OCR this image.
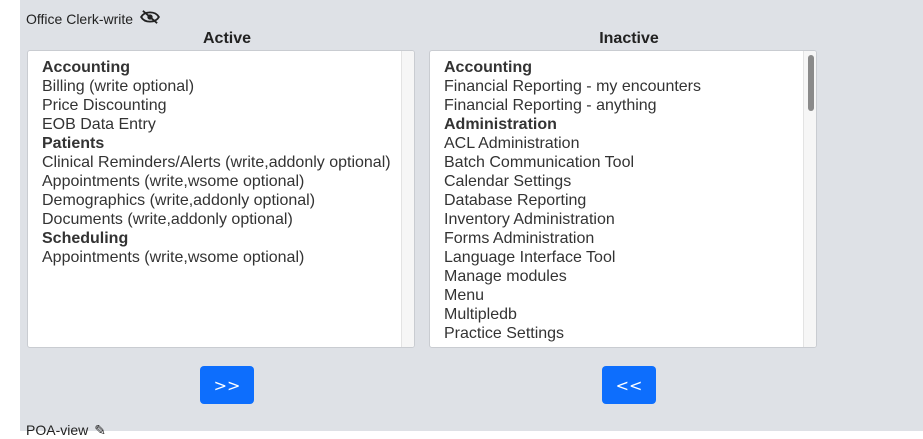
Office Clerk-write
Active	Inactive
Accounting
Billing (write optional)
Price Discounting
EOB Data Entry
Patients
Clinical Reminders/Alerts (write,addonly optional)
Appointments (write,wsome optional)
Demographics (write,addonly optional)
Documents (write,addonly optional)
Scheduling
Appointments (write,wsome optional)
Accounting
Financial Reporting - my encounters
Financial Reporting - anything
Administration
ACL Administration
Batch Communication Tool
Calendar Settings
Database Reporting
Inventory Administration
Forms Administration
Language Interface Tool
Manage modules
Menu
Multipledb
Practice Settings
>>	<<
POA-view ✎
